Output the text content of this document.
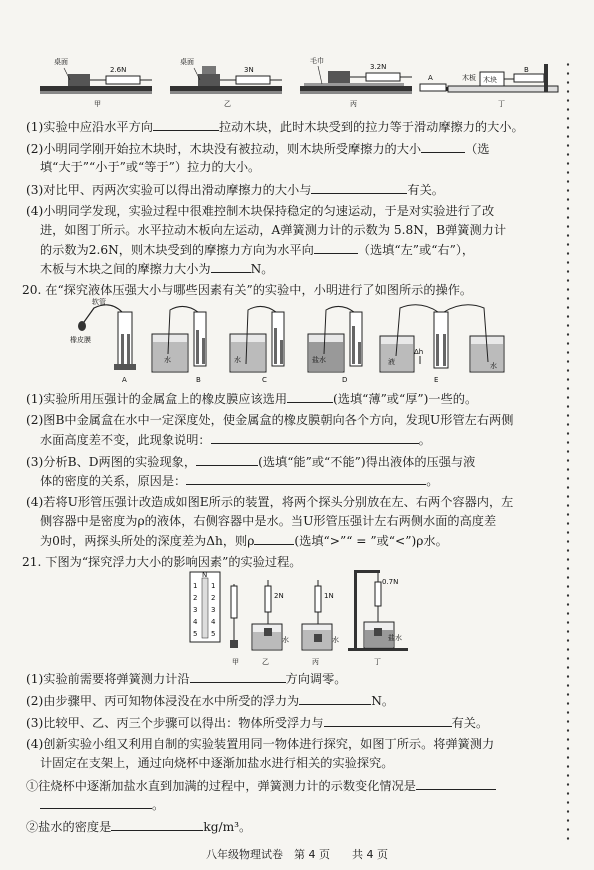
桌面
2.6N
甲
桌面
3N
乙
毛巾
3.2N
丙
A	木板 木块
B
丁
(1)实验中应沿水平方向	拉动木块，此时木块受到的拉力等于滑动摩擦力的大小。
(2)小明同学刚开始拉木块时，木块没有被拉动，则木块所受摩擦力的大小	（选
填“大于”“小于”或“等于”）拉力的大小。
(3)对比甲、丙两次实验可以得出滑动摩擦力的大小与	有关。
(4)小明同学发现，实验过程中很难控制木块保持稳定的匀速运动，于是对实验进行了改
进，如图丁所示。水平拉动木板向左运动，A弹簧测力计的示数为 5.8N，B弹簧测力计
的示数为2.6N，则木块受到的摩擦力方向为水平向	（选填“左”或“右”），
木板与木块之间的摩擦力大小为	N。
20. 在“探究液体压强大小与哪些因素有关”的实验中，小明进行了如图所示的操作。
软管
橡皮膜
A
水
B
水
C
盐水
D
液
Δh
水
E
(1)实验所用压强计的金属盒上的橡皮膜应该选用	(选填“薄”或“厚”)一些的。
(2)图B中金属盒在水中一定深度处，使金属盒的橡皮膜朝向各个方向，发现U形管左右两侧
水面高度差不变，此现象说明：	。
(3)分析B、D两图的实验现象，	(选填“能”或“不能”)得出液体的压强与液
体的密度的关系，原因是：	。
(4)若将U形管压强计改造成如图E所示的装置，将两个探头分别放在左、右两个容器内，左
侧容器中是密度为ρ的液体，右侧容器中是水。当U形管压强计左右两侧水面的高度差
为0时，两探头所处的深度差为Δh，则ρ	(选填“>”“ = ”或“<”)ρ水。
21. 下图为“探究浮力大小的影响因素”的实验过程。
N
1
2
3
4
5
1
2
3
4
5
甲
2N
水
乙
1N
水
丙
0.7N
盐水
丁
(1)实验前需要将弹簧测力计沿	方向调零。
(2)由步骤甲、丙可知物体浸没在水中所受的浮力为	N。
(3)比较甲、乙、丙三个步骤可以得出：物体所受浮力与	有关。
(4)创新实验小组又利用自制的实验装置用同一物体进行探究，如图丁所示。将弹簧测力
计固定在支架上，通过向烧杯中逐渐加盐水进行相关的实验探究。
①往烧杯中逐渐加盐水直到加满的过程中，弹簧测力计的示数变化情况是
。
②盐水的密度是	kg/m³。
八年级物理试卷　第 4 页　　共 4 页
